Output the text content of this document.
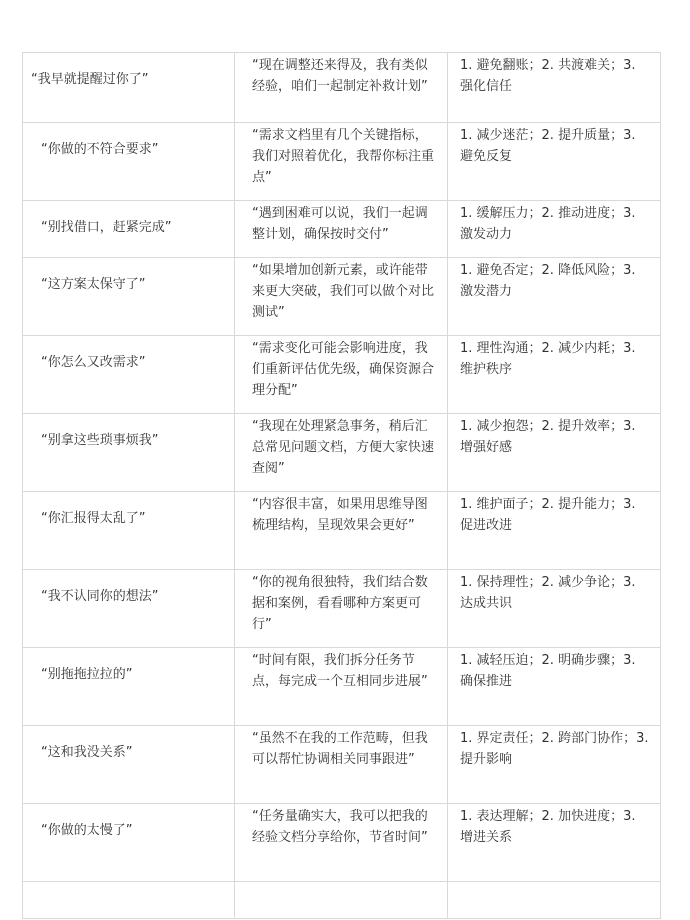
“我早就提醒过你了”	“现在调整还来得及，我有类似经验，咱们一起制定补救计划”	1. 避免翻账；2. 共渡难关；3. 强化信任
“你做的不符合要求”	“需求文档里有几个关键指标，我们对照着优化，我帮你标注重点”	1. 减少迷茫；2. 提升质量；3. 避免反复
“别找借口，赶紧完成”	“遇到困难可以说，我们一起调整计划，确保按时交付”	1. 缓解压力；2. 推动进度；3. 激发动力
“这方案太保守了”	“如果增加创新元素，或许能带来更大突破，我们可以做个对比测试”	1. 避免否定；2. 降低风险；3. 激发潜力
“你怎么又改需求”	“需求变化可能会影响进度，我们重新评估优先级，确保资源合理分配”	1. 理性沟通；2. 减少内耗；3. 维护秩序
“别拿这些琐事烦我”	“我现在处理紧急事务，稍后汇总常见问题文档，方便大家快速查阅”	1. 减少抱怨；2. 提升效率；3. 增强好感
“你汇报得太乱了”	“内容很丰富，如果用思维导图梳理结构，呈现效果会更好”	1. 维护面子；2. 提升能力；3. 促进改进
“我不认同你的想法”	“你的视角很独特，我们结合数据和案例，看看哪种方案更可行”	1. 保持理性；2. 减少争论；3. 达成共识
“别拖拖拉拉的”	“时间有限，我们拆分任务节点，每完成一个互相同步进展”	1. 减轻压迫；2. 明确步骤；3. 确保推进
“这和我没关系”	“虽然不在我的工作范畴，但我可以帮忙协调相关同事跟进”	1. 界定责任；2. 跨部门协作；3. 提升影响
“你做的太慢了”	“任务量确实大，我可以把我的经验文档分享给你，节省时间”	1. 表达理解；2. 加快进度；3. 增进关系
